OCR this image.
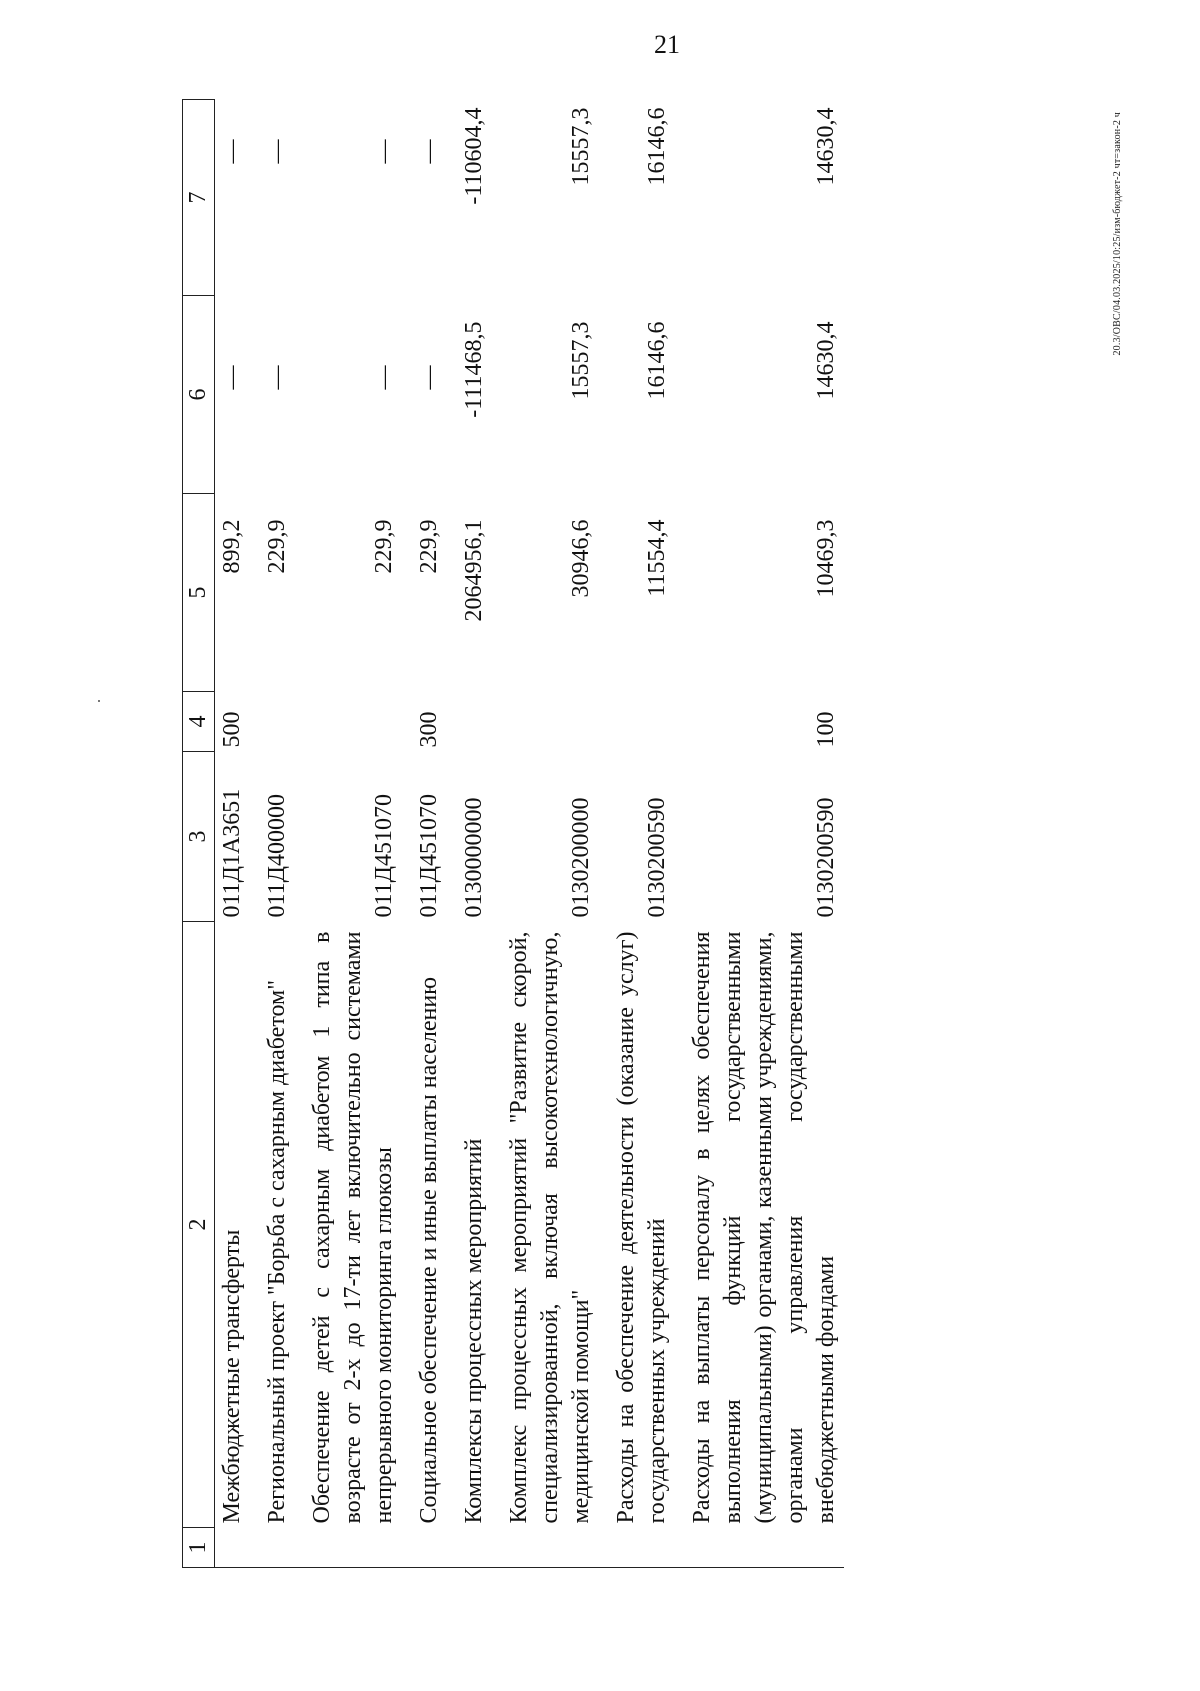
21
20.3/ОВС/04.03.2025/10:25/изм-бюджет-2 чт=закон-2 ч
1	2	3	4	5	6	7
	Межбюджетные трансферты	011Д1А3651	500	899,2	—	—

	Региональный проект "Борьба с сахарным диабетом"	011Д400000		229,9	—	—

	Обеспечение детей с сахарным диабетом 1 типа в возрасте от 2-х до 17-ти лет включительно системами непрерывного мониторинга глюкозы	011Д451070		229,9	—	—

	Социальное обеспечение и иные выплаты населению	011Д451070	300	229,9	—	—

	Комплексы процессных мероприятий	0130000000		2064956,1	-111468,5	-110604,4

	Комплекс процессных мероприятий "Развитие скорой, специализированной, включая высокотехнологичную, медицинской помощи"	0130200000		30946,6	15557,3	15557,3

	Расходы на обеспечение деятельности (оказание услуг) государственных учреждений	0130200590		11554,4	16146,6	16146,6

	Расходы на выплаты персоналу в целях обеспечения выполнения функций государственными (муниципальными) органами, казенными учреждениями, органами управления государственными внебюджетными фондами	0130200590	100	10469,3	14630,4	14630,4
